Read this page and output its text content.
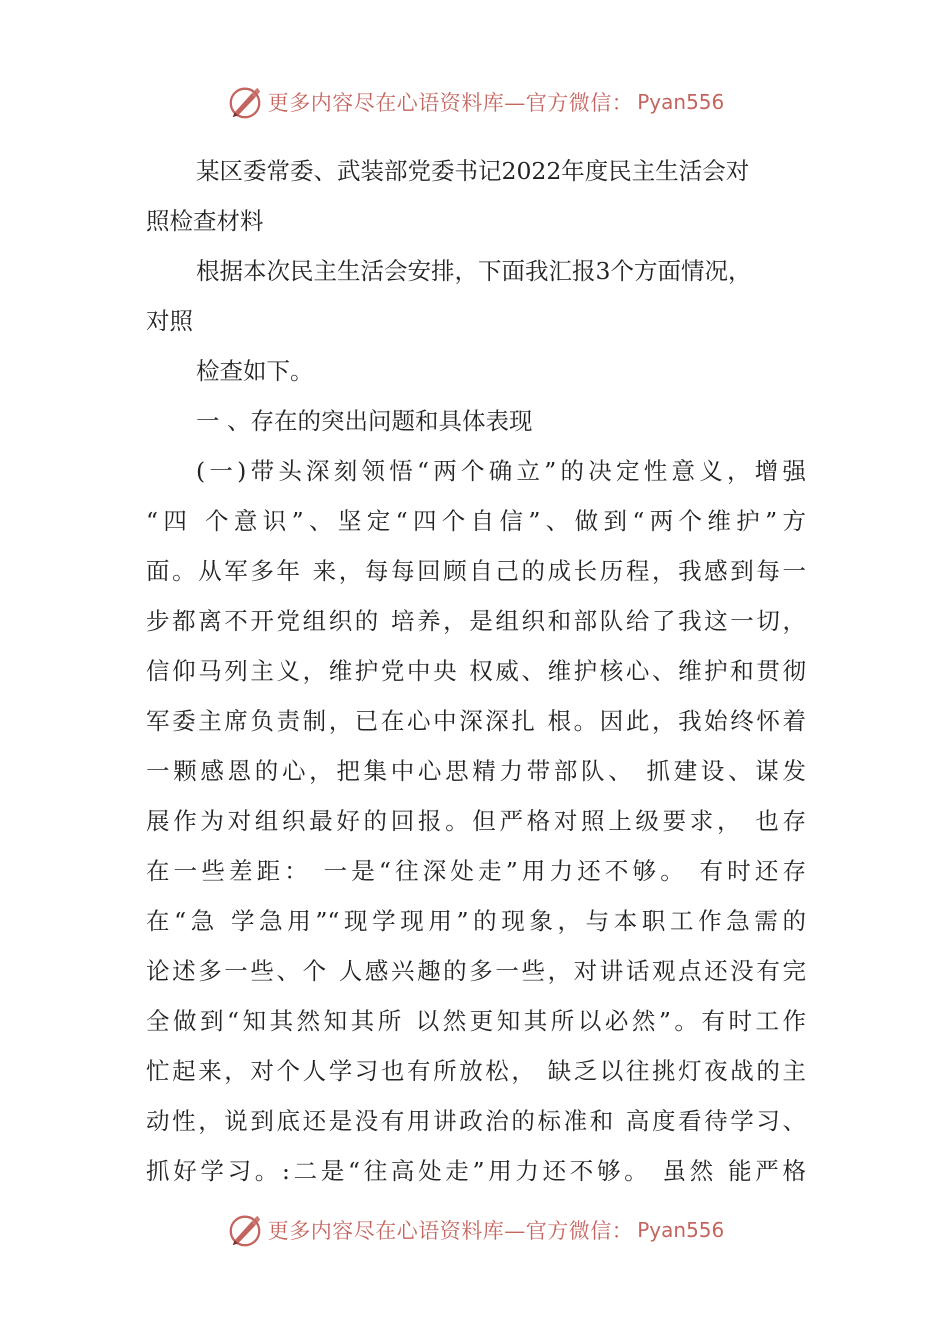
更多内容尽在心语资料库—官方微信： Pyan556
某区委常委、武装部党委书记2022年度民主生活会对
照检查材料
根据本次民主生活会安排，下面我汇报3个方面情况，
对照
检查如下。
一 、存在的突出问题和具体表现
(一)带头深刻领悟“两个确立”的决定性意义，增强
“四 个意识”、坚定“四个自信”、做到“两个维护”方
面。从军多年 来，每每回顾自己的成长历程，我感到每一
步都离不开党组织的 培养，是组织和部队给了我这一切，
信仰马列主义，维护党中央 权威、维护核心、维护和贯彻
军委主席负责制，已在心中深深扎 根。因此，我始终怀着
一颗感恩的心，把集中心思精力带部队、 抓建设、谋发
展作为对组织最好的回报。但严格对照上级要求， 也存
在一些差距： 一是“往深处走”用力还不够。 有时还存
在“急 学急用”“现学现用”的现象，与本职工作急需的
论述多一些、个 人感兴趣的多一些，对讲话观点还没有完
全做到“知其然知其所 以然更知其所以必然”。有时工作
忙起来，对个人学习也有所放松， 缺乏以往挑灯夜战的主
动性，说到底还是没有用讲政治的标准和 高度看待学习、
抓好学习。:二是“往高处走”用力还不够。 虽然 能严格
更多内容尽在心语资料库—官方微信： Pyan556
